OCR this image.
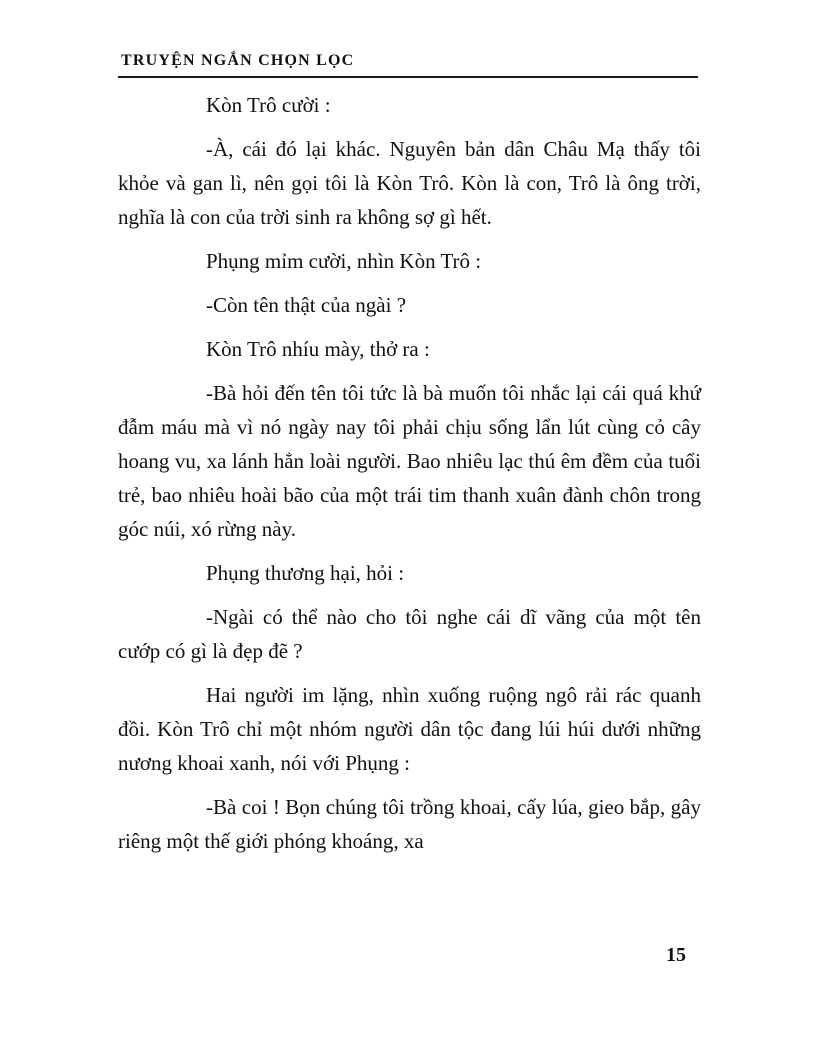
TRUYỆN NGẮN CHỌN LỌC

Kòn Trô cười :

-À, cái đó lại khác. Nguyên bản dân Châu Mạ thấy tôi khỏe và gan lì, nên gọi tôi là Kòn Trô. Kòn là con, Trô là ông trời, nghĩa là con của trời sinh ra không sợ gì hết.

Phụng mỉm cười, nhìn Kòn Trô :

-Còn tên thật của ngài ?

Kòn Trô nhíu mày, thở ra :

-Bà hỏi đến tên tôi tức là bà muốn tôi nhắc lại cái quá khứ đẫm máu mà vì nó ngày nay tôi phải chịu sống lẩn lút cùng cỏ cây hoang vu, xa lánh hẳn loài người. Bao nhiêu lạc thú êm đềm của tuổi trẻ, bao nhiêu hoài bão của một trái tim thanh xuân đành chôn trong góc núi, xó rừng này.

Phụng thương hại, hỏi :

-Ngài có thể nào cho tôi nghe cái dĩ vãng của một tên cướp có gì là đẹp đẽ ?

Hai người im lặng, nhìn xuống ruộng ngô rải rác quanh đồi. Kòn Trô chỉ một nhóm người dân tộc đang lúi húi dưới những nương khoai xanh, nói với Phụng :

-Bà coi ! Bọn chúng tôi trồng khoai, cấy lúa, gieo bắp, gây riêng một thế giới phóng khoáng, xa

15
